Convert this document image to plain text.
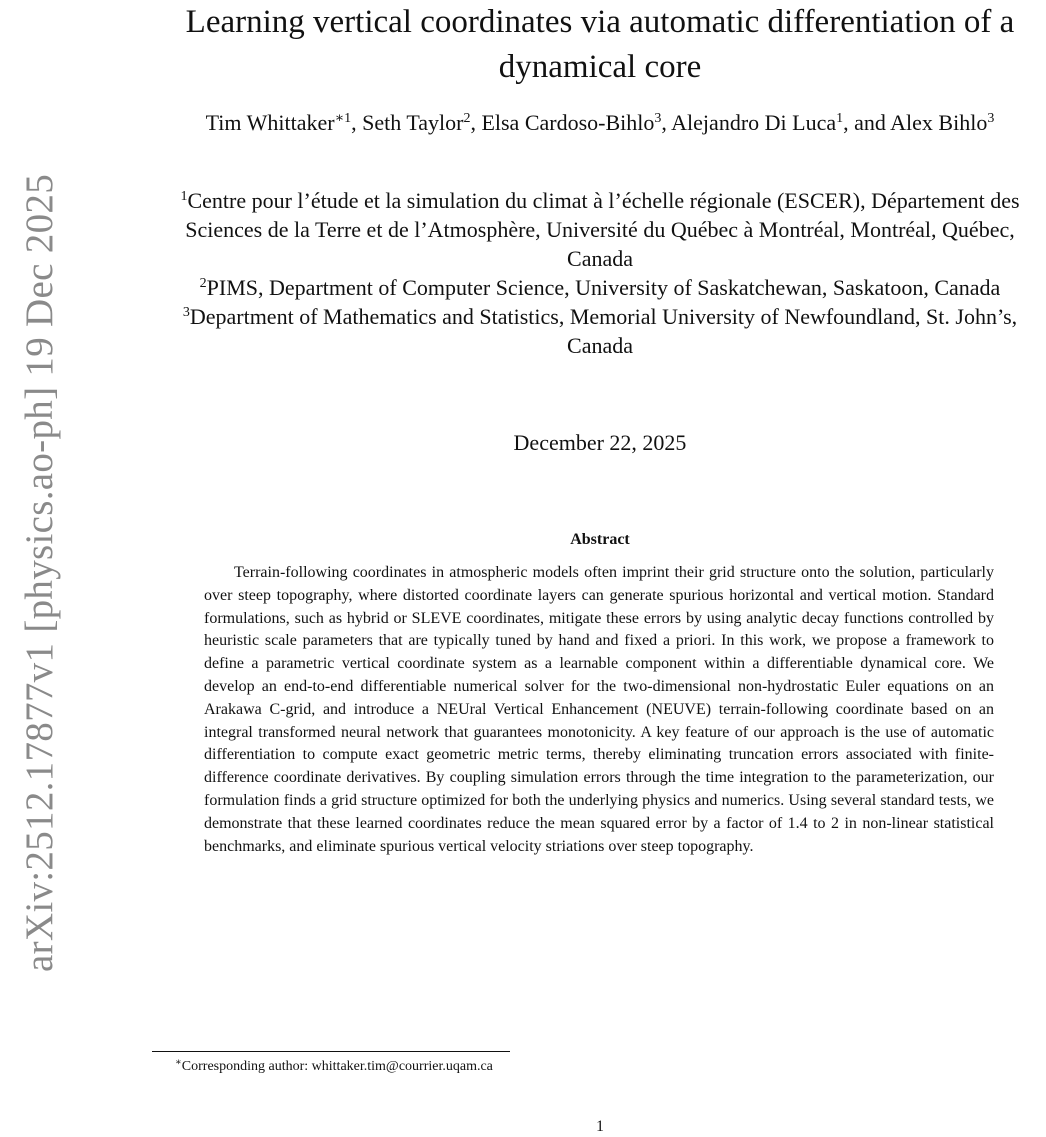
arXiv:2512.17877v1 [physics.ao-ph] 19 Dec 2025
Learning vertical coordinates via automatic differentiation of a dynamical core
Tim Whittaker$^{∗1}$, Seth Taylor$^2$, Elsa Cardoso-Bihlo$^3$, Alejandro Di Luca$^1$, and Alex Bihlo$^3$
$^1$Centre pour l’étude et la simulation du climat à l’échelle régionale (ESCER), Département des Sciences de la Terre et de l’Atmosphère, Université du Québec à Montréal, Montréal, Québec, Canada
$^2$PIMS, Department of Computer Science, University of Saskatchewan, Saskatoon, Canada
$^3$Department of Mathematics and Statistics, Memorial University of Newfoundland, St. John’s, Canada
December 22, 2025
Abstract

Terrain-following coordinates in atmospheric models often imprint their grid structure onto the solution, particularly over steep topography, where distorted coordinate layers can generate spurious horizontal and vertical motion. Standard formulations, such as hybrid or SLEVE coordinates, mitigate these errors by using analytic decay functions controlled by heuristic scale parameters that are typically tuned by hand and fixed a priori. In this work, we propose a framework to define a parametric vertical coordinate system as a learnable component within a differentiable dynamical core. We develop an end-to-end differentiable numerical solver for the two-dimensional non-hydrostatic Euler equations on an Arakawa C-grid, and introduce a NEUral Vertical Enhancement (NEUVE) terrain-following coordinate based on an integral transformed neural network that guarantees monotonicity. A key feature of our approach is the use of automatic differentiation to compute exact geometric metric terms, thereby eliminating truncation errors associated with finite-difference coordinate derivatives. By coupling simulation errors through the time integration to the parameterization, our formulation finds a grid structure optimized for both the underlying physics and numerics. Using several standard tests, we demonstrate that these learned coordinates reduce the mean squared error by a factor of 1.4 to 2 in non-linear statistical benchmarks, and eliminate spurious vertical velocity striations over steep topography.

∗Corresponding author: whittaker.tim@courrier.uqam.ca
1
